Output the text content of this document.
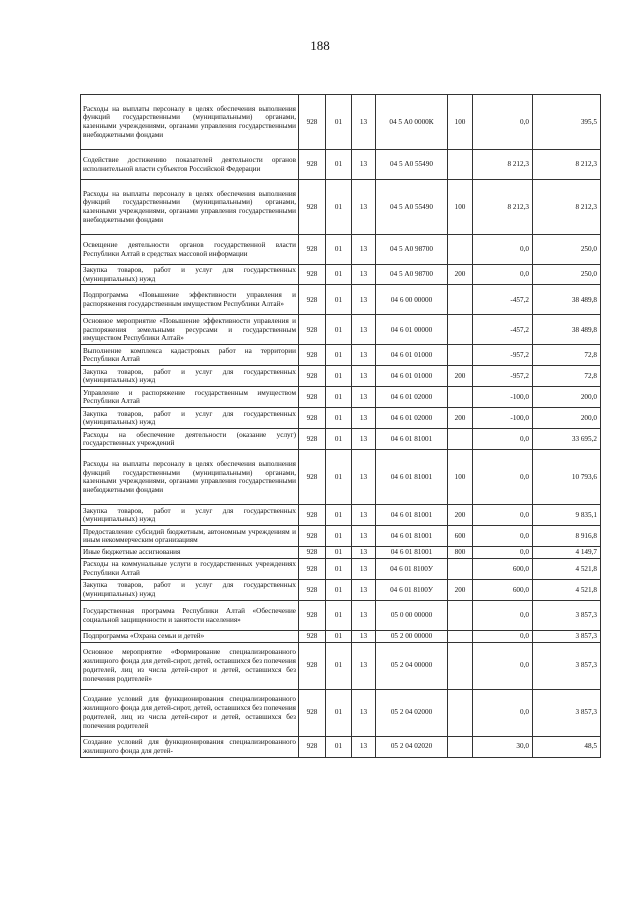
188
Расходы на выплаты персоналу в целях обеспечения выполнения функций государственными (муниципальными) органами, казенными учреждениями, органами управления государственными внебюджетными фондами	928	01	13	04 5 А0 0000К	100	0,0	395,5
Содействие достижению показателей деятельности органов исполнительной власти субъектов Российской Федерации	928	01	13	04 5 А0 55490		8 212,3	8 212,3
Расходы на выплаты персоналу в целях обеспечения выполнения функций государственными (муниципальными) органами, казенными учреждениями, органами управления государственными внебюджетными фондами	928	01	13	04 5 А0 55490	100	8 212,3	8 212,3
Освещение деятельности органов государственной власти Республики Алтай в средствах массовой информации	928	01	13	04 5 А0 98700		0,0	250,0
Закупка товаров, работ и услуг для государственных (муниципальных) нужд	928	01	13	04 5 А0 98700	200	0,0	250,0
Подпрограмма «Повышение эффективности управления и распоряжения государственным имуществом Республики Алтай»	928	01	13	04 6 00 00000		-457,2	38 489,8
Основное мероприятие «Повышение эффективности управления и распоряжения земельными ресурсами и государственным имуществом Республики Алтай»	928	01	13	04 6 01 00000		-457,2	38 489,8
Выполнение комплекса кадастровых работ на территории Республики Алтай	928	01	13	04 6 01 01000		-957,2	72,8
Закупка товаров, работ и услуг для государственных (муниципальных) нужд	928	01	13	04 6 01 01000	200	-957,2	72,8
Управление и распоряжение государственным имуществом Республики Алтай	928	01	13	04 6 01 02000		-100,0	200,0
Закупка товаров, работ и услуг для государственных (муниципальных) нужд	928	01	13	04 6 01 02000	200	-100,0	200,0
Расходы на обеспечение деятельности (оказание услуг) государственных учреждений	928	01	13	04 6 01 81001		0,0	33 695,2
Расходы на выплаты персоналу в целях обеспечения выполнения функций государственными (муниципальными) органами, казенными учреждениями, органами управления государственными внебюджетными фондами	928	01	13	04 6 01 81001	100	0,0	10 793,6
Закупка товаров, работ и услуг для государственных (муниципальных) нужд	928	01	13	04 6 01 81001	200	0,0	9 835,1
Предоставление субсидий бюджетным, автономным учреждениям и иным некоммерческим организациям	928	01	13	04 6 01 81001	600	0,0	8 916,8
Иные бюджетные ассигнования	928	01	13	04 6 01 81001	800	0,0	4 149,7
Расходы на коммунальные услуги в государственных учреждениях Республики Алтай	928	01	13	04 6 01 8100У		600,0	4 521,8
Закупка товаров, работ и услуг для государственных (муниципальных) нужд	928	01	13	04 6 01 8100У	200	600,0	4 521,8
Государственная программа Республики Алтай «Обеспечение социальной защищенности и занятости населения»	928	01	13	05 0 00 00000		0,0	3 857,3
Подпрограмма «Охрана семьи и детей»	928	01	13	05 2 00 00000		0,0	3 857,3
Основное мероприятие «Формирование специализированного жилищного фонда для детей-сирот, детей, оставшихся без попечения родителей, лиц из числа детей-сирот и детей, оставшихся без попечения родителей»	928	01	13	05 2 04 00000		0,0	3 857,3
Создание условий для функционирования специализированного жилищного фонда для детей-сирот, детей, оставшихся без попечения родителей, лиц из числа детей-сирот и детей, оставшихся без попечения родителей	928	01	13	05 2 04 02000		0,0	3 857,3
Создание условий для функционирования специализированного жилищного фонда для детей-	928	01	13	05 2 04 02020		30,0	48,5
